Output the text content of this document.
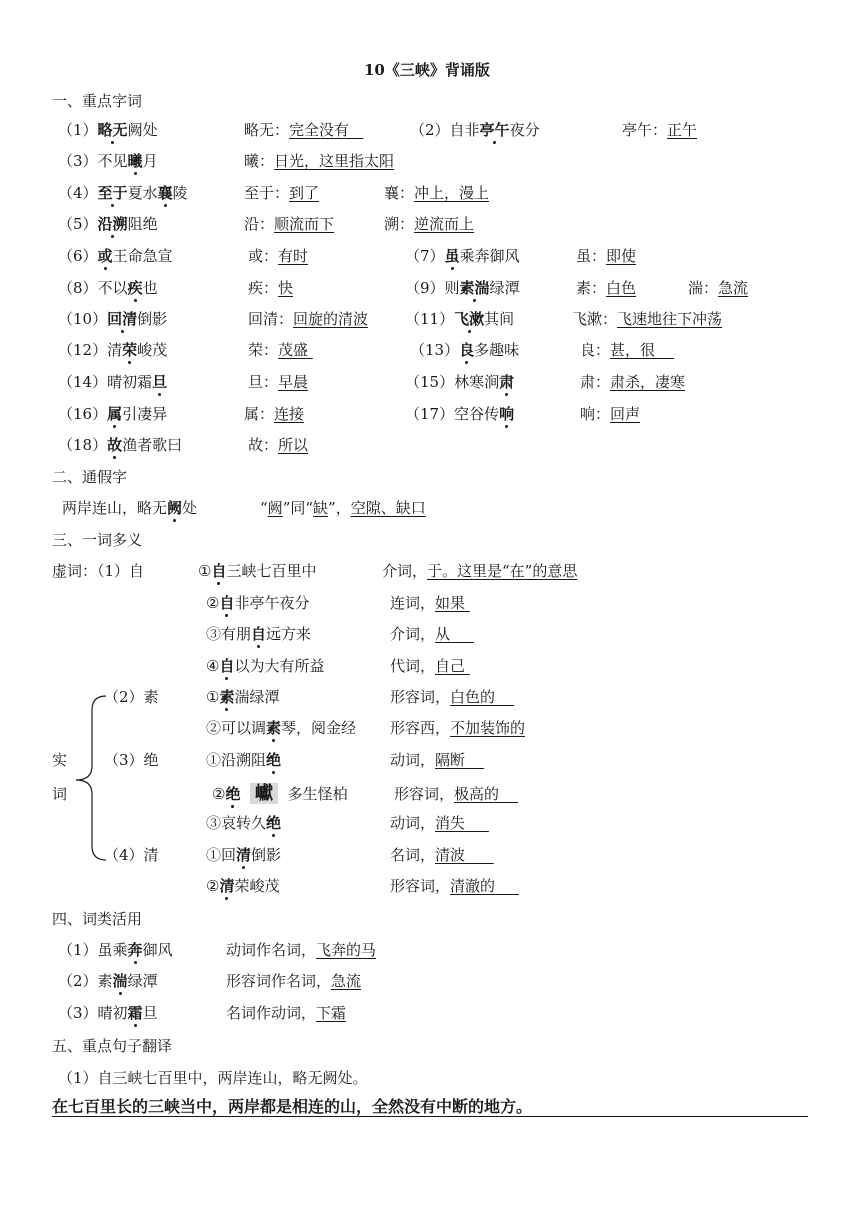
10《三峡》背诵版
一、重点字词
（1）略无阙处	略无：完全没有	（2）自非亭午夜分	亭午：正午
（3）不见曦月	曦：日光，这里指太阳
（4）至于夏水襄陵	至于：到了	襄：冲上，漫上
（5）沿溯阻绝	沿：顺流而下	溯：逆流而上
（6）或王命急宣	或：有时	（7）虽乘奔御风	虽：即使
（8）不以疾也	疾：快	（9）则素湍绿潭	素：白色	湍：急流
（10）回清倒影	回清：回旋的清波 （11）飞漱其间	飞漱：飞速地往下冲荡
（12）清荣峻茂	荣：茂盛	（13）良多趣味	良：甚，很
（14）晴初霜旦	旦：早晨	（15）林寒涧肃	肃：肃杀，凄寒
（16）属引凄异	属：连接	（17）空谷传响	响：回声
（18）故渔者歌曰	故：所以
二、通假字
两岸连山，略无阙处	“阙”同“缺”，空隙、缺口
三、一词多义
虚词：（1）自	①自三峡七百里中	介词，于。这里是“在”的意思
②自非亭午夜分	连词，如果
③有朋自远方来	介词，从
④自以为大有所益	代词，自己
实
词
（2）素	①素湍绿潭	形容词，白色的
②可以调素琴，阅金经 形容西，不加装饰的
（3）绝	①沿溯阻绝	动词，隔断
②绝 巘 多生怪柏	形容词，极高的
③哀转久绝	动词，消失
（4）清	①回清倒影	名词，清波
②清荣峻茂	形容词，清澈的
四、词类活用
（1）虽乘奔御风	动词作名词，飞奔的马
（2）素湍绿潭	形容词作名词，急流
（3）晴初霜旦	名词作动词，下霜
五、重点句子翻译
（1）自三峡七百里中，两岸连山，略无阙处。
在七百里长的三峡当中，两岸都是相连的山，全然没有中断的地方。
